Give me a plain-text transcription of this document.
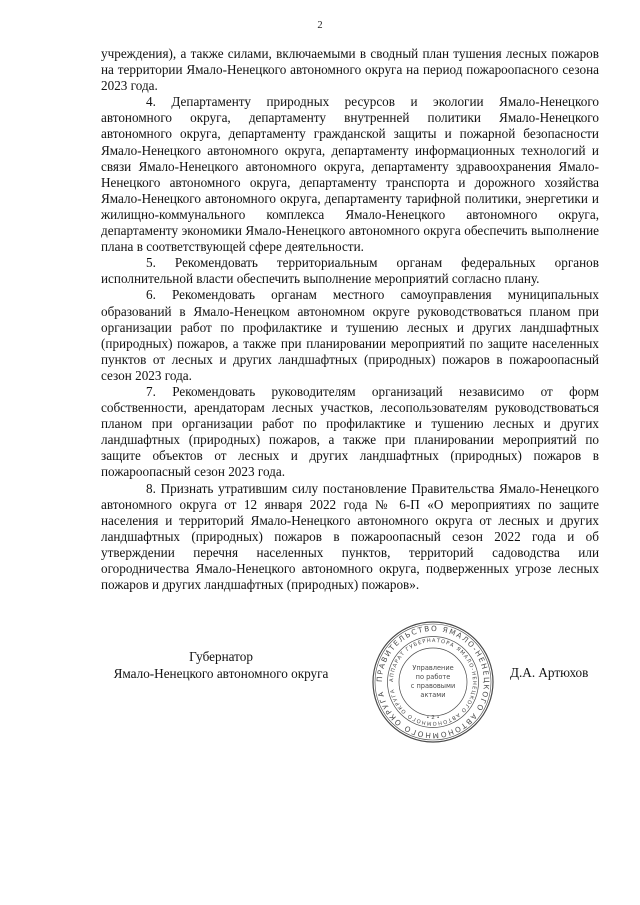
2

учреждения), а также силами, включаемыми в сводный план тушения лесных пожаров на территории Ямало-Ненецкого автономного округа на период пожароопасного сезона 2023 года.

4. Департаменту природных ресурсов и экологии Ямало-Ненецкого автономного округа, департаменту внутренней политики Ямало-Ненецкого автономного округа, департаменту гражданской защиты и пожарной безопасности Ямало-Ненецкого автономного округа, департаменту информационных технологий и связи Ямало-Ненецкого автономного округа, департаменту здравоохранения Ямало-Ненецкого автономного округа, департаменту транспорта и дорожного хозяйства Ямало-Ненецкого автономного округа, департаменту тарифной политики, энергетики и жилищно-коммунального комплекса Ямало-Ненецкого автономного округа, департаменту экономики Ямало-Ненецкого автономного округа обеспечить выполнение плана в соответствующей сфере деятельности.

5. Рекомендовать территориальным органам федеральных органов исполнительной власти обеспечить выполнение мероприятий согласно плану.

6. Рекомендовать органам местного самоуправления муниципальных образований в Ямало-Ненецком автономном округе руководствоваться планом при организации работ по профилактике и тушению лесных и других ландшафтных (природных) пожаров, а также при планировании мероприятий по защите населенных пунктов от лесных и других ландшафтных (природных) пожаров в пожароопасный сезон 2023 года.

7. Рекомендовать руководителям организаций независимо от форм собственности, арендаторам лесных участков, лесопользователям руководствоваться планом при организации работ по профилактике и тушению лесных и других ландшафтных (природных) пожаров, а также при планировании мероприятий по защите объектов от лесных и других ландшафтных (природных) пожаров в пожароопасный сезон 2023 года.

8. Признать утратившим силу постановление Правительства Ямало-Ненецкого автономного округа от 12 января 2022 года № 6-П «О мероприятиях по защите населения и территорий Ямало-Ненецкого автономного округа от лесных и других ландшафтных (природных) пожаров в пожароопасный сезон 2022 года и об утверждении перечня населенных пунктов, территорий садоводства или огородничества Ямало-Ненецкого автономного округа, подверженных угрозе лесных пожаров и других ландшафтных (природных) пожаров».

Губернатор
Ямало-Ненецкого автономного округа	ПРАВИТЕЛЬСТВО ЯМАЛО-НЕНЕЦКОГО АВТОНОМНОГО ОКРУГА
АППАРАТ ГУБЕРНАТОРА ЯМАЛО-НЕНЕЦКОГО АВТОНОМНОГО ОКРУГА
Управление
по работе
с правовыми
актами
• 2 •
Д.А. Артюхов
